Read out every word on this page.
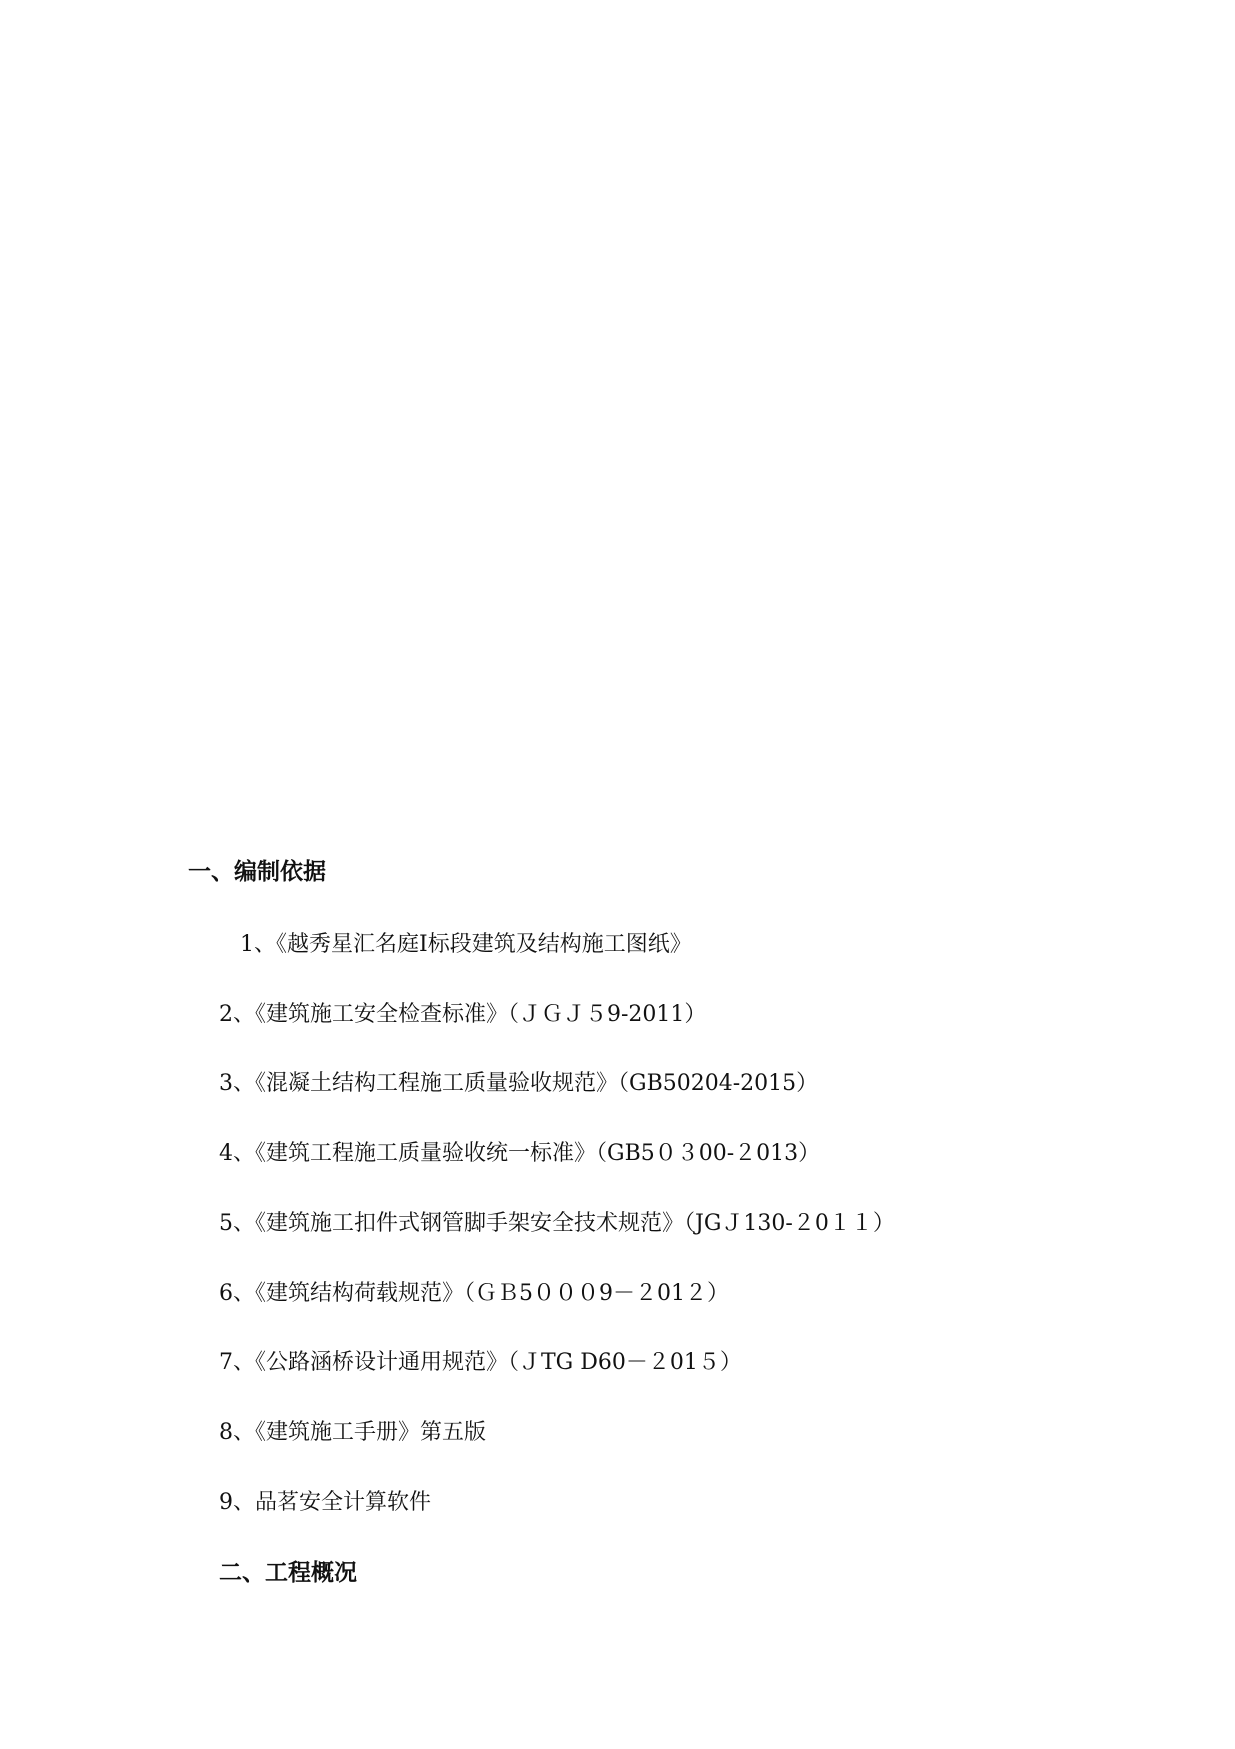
一、编制依据
1、《越秀星汇名庭Ⅰ标段建筑及结构施工图纸》
2、《建筑施工安全检查标准》（ＪＧＪ５9-2011）
3、《混凝土结构工程施工质量验收规范》（GB50204-2015）
4、《建筑工程施工质量验收统一标准》（GB5０３00-２013）
5、《建筑施工扣件式钢管脚手架安全技术规范》（JGＪ130-２0１１）
6、《建筑结构荷载规范》（ＧＢ5０００9－２01２）
7、《公路涵桥设计通用规范》（ＪTG D60－２01５）
8、《建筑施工手册》第五版
9、品茗安全计算软件
二、工程概况
